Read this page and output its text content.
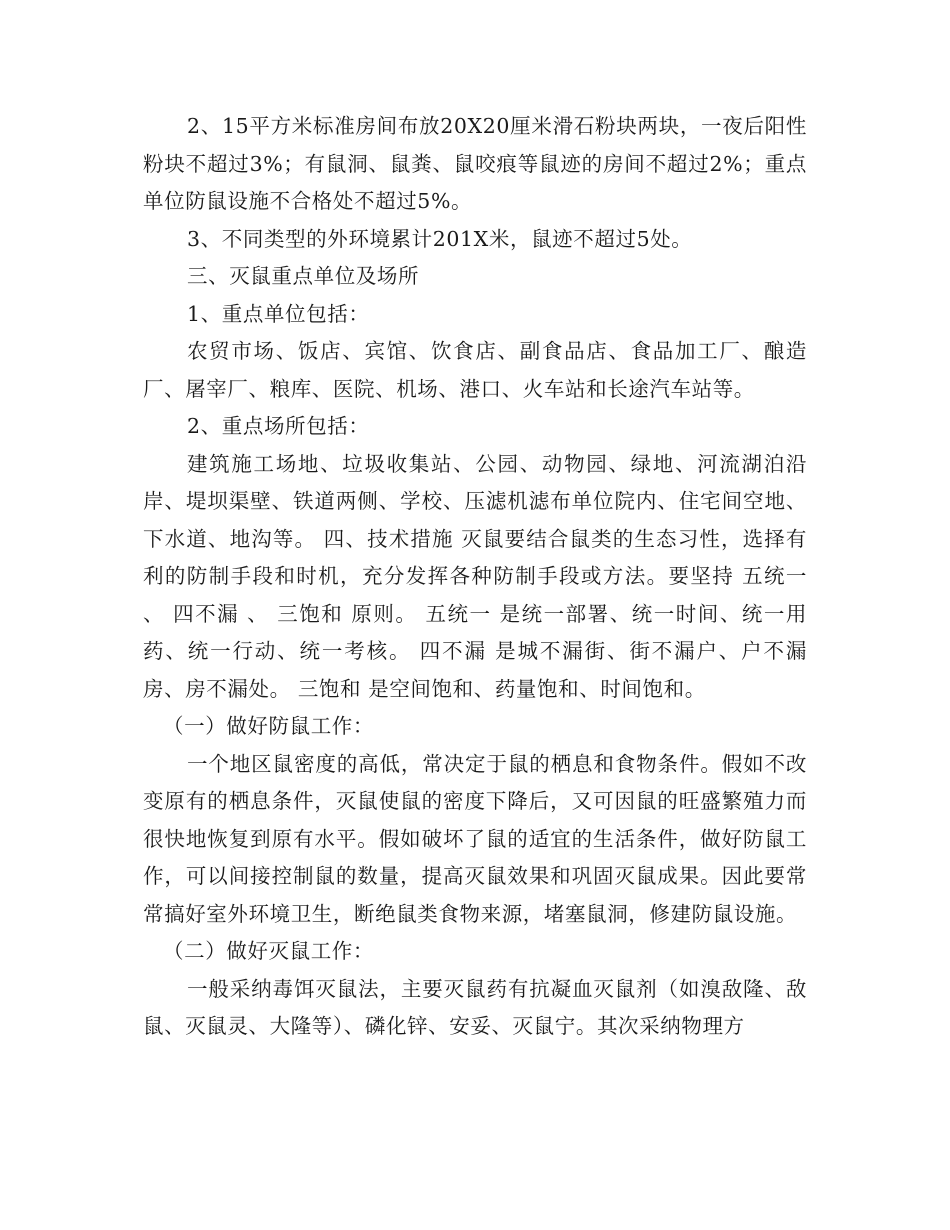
2、15平方米标准房间布放20X20厘米滑石粉块两块，一夜后阳性粉块不超过3%；有鼠洞、鼠粪、鼠咬痕等鼠迹的房间不超过2%；重点单位防鼠设施不合格处不超过5%。

3、不同类型的外环境累计201X米，鼠迹不超过5处。

三、灭鼠重点单位及场所

1、重点单位包括：

农贸市场、饭店、宾馆、饮食店、副食品店、食品加工厂、酿造厂、屠宰厂、粮库、医院、机场、港口、火车站和长途汽车站等。

2、重点场所包括：

建筑施工场地、垃圾收集站、公园、动物园、绿地、河流湖泊沿岸、堤坝渠壁、铁道两侧、学校、压滤机滤布单位院内、住宅间空地、下水道、地沟等。 四、技术措施 灭鼠要结合鼠类的生态习性，选择有利的防制手段和时机，充分发挥各种防制手段或方法。要坚持 五统一 、 四不漏 、 三饱和 原则。 五统一 是统一部署、统一时间、统一用药、统一行动、统一考核。 四不漏 是城不漏街、街不漏户、户不漏房、房不漏处。 三饱和 是空间饱和、药量饱和、时间饱和。

（一）做好防鼠工作：

一个地区鼠密度的高低，常决定于鼠的栖息和食物条件。假如不改变原有的栖息条件，灭鼠使鼠的密度下降后，又可因鼠的旺盛繁殖力而很快地恢复到原有水平。假如破坏了鼠的适宜的生活条件，做好防鼠工作，可以间接控制鼠的数量，提高灭鼠效果和巩固灭鼠成果。因此要常常搞好室外环境卫生，断绝鼠类食物来源，堵塞鼠洞，修建防鼠设施。

（二）做好灭鼠工作：

一般采纳毒饵灭鼠法，主要灭鼠药有抗凝血灭鼠剂（如溴敌隆、敌鼠、灭鼠灵、大隆等）、磷化锌、安妥、灭鼠宁。其次采纳物理方
